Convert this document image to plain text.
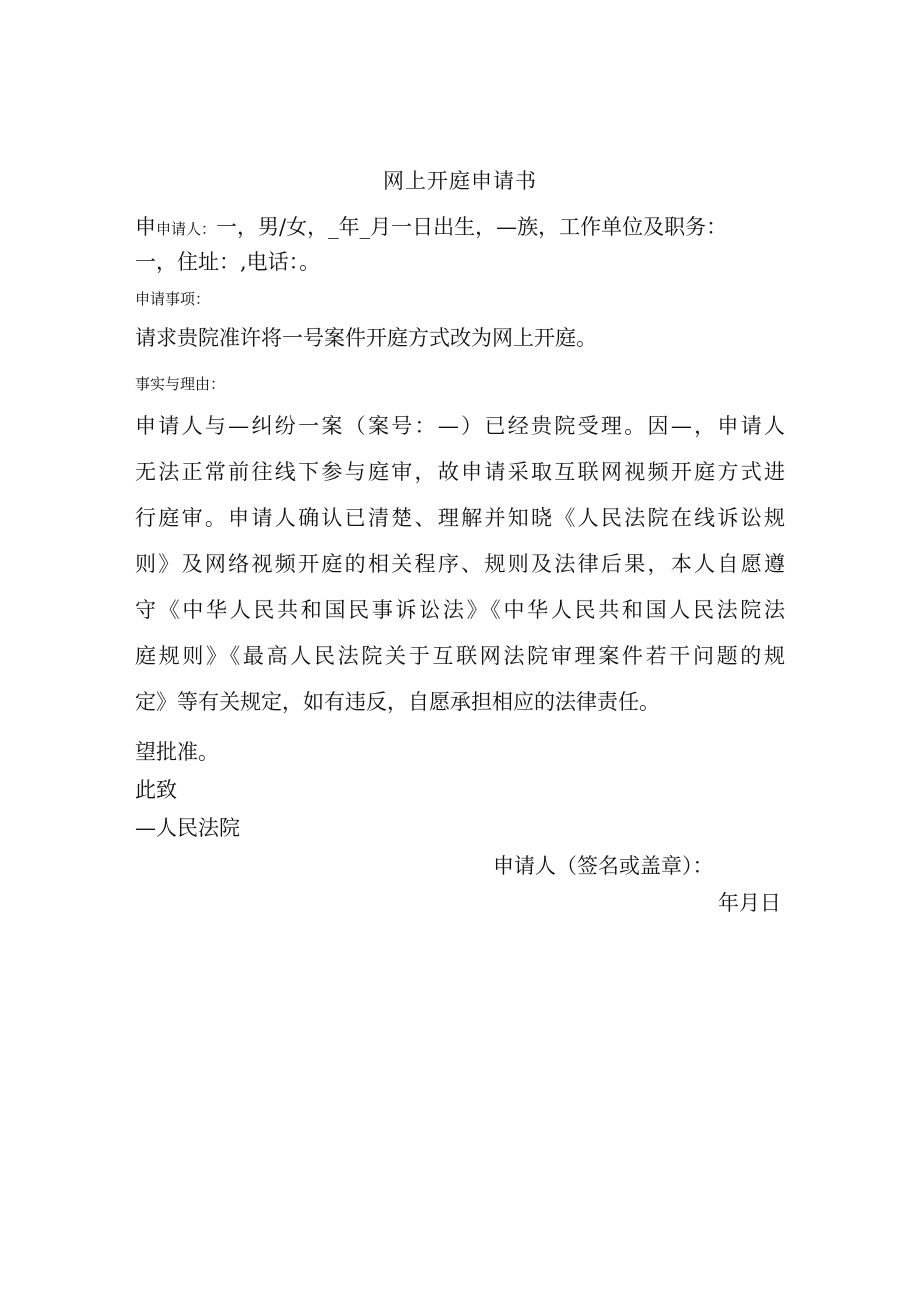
网上开庭申请书
申申请人：一，男/女，_年_月一日出生，—族，工作单位及职务：
一，住址：,电话：。
申请事项：
请求贵院准许将一号案件开庭方式改为网上开庭。
事实与理由：
申请人与—纠纷一案（案号：—）已经贵院受理。因—，申请人
无法正常前往线下参与庭审，故申请采取互联网视频开庭方式进
行庭审。申请人确认已清楚、理解并知晓《人民法院在线诉讼规
则》及网络视频开庭的相关程序、规则及法律后果，本人自愿遵
守《中华人民共和国民事诉讼法》《中华人民共和国人民法院法
庭规则》《最高人民法院关于互联网法院审理案件若干问题的规
定》等有关规定，如有违反，自愿承担相应的法律责任。
望批准。
此致
—人民法院
申请人（签名或盖章）：
年月日
